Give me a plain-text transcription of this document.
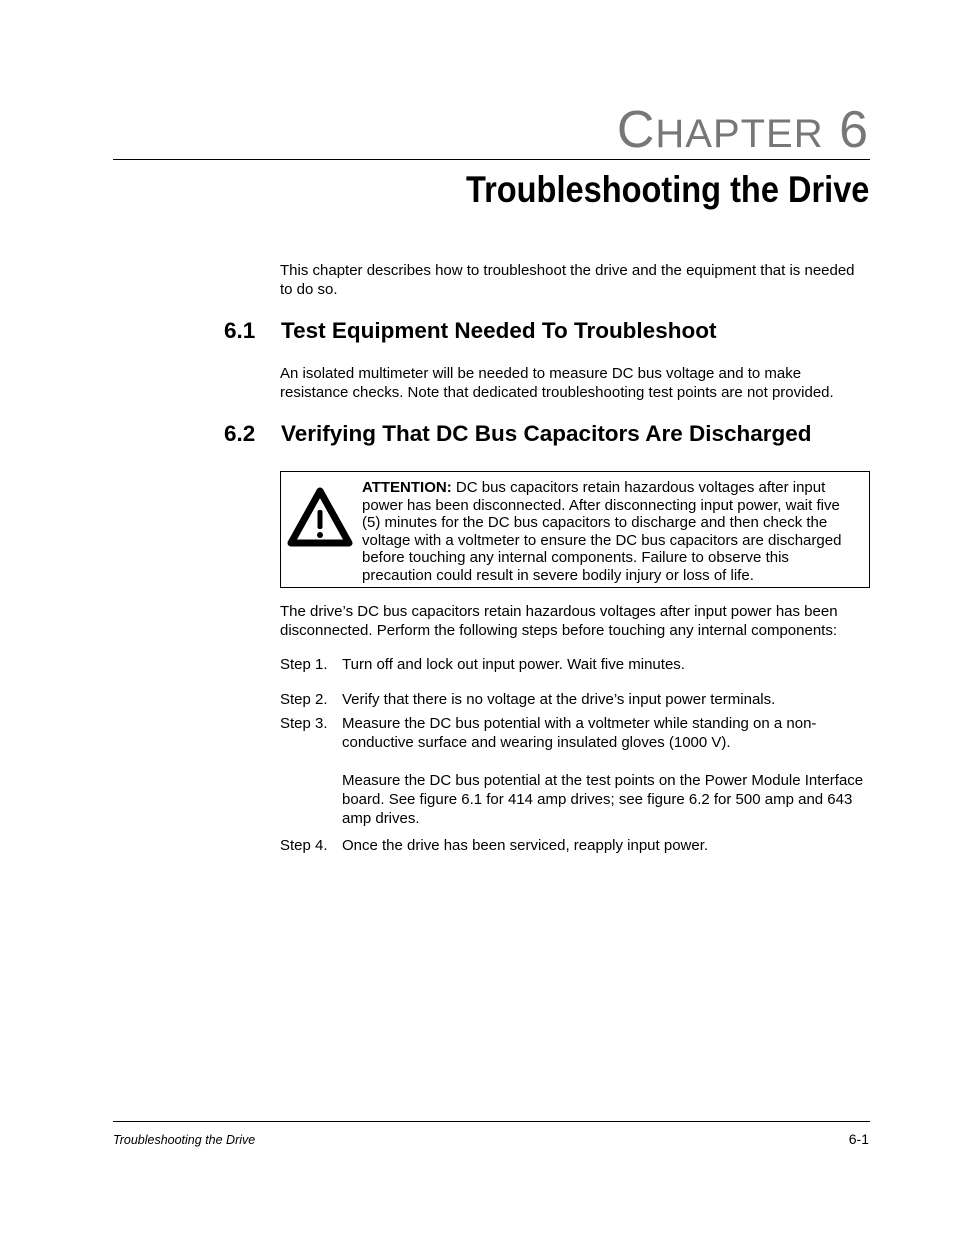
CHAPTER 6
Troubleshooting the Drive

This chapter describes how to troubleshoot the drive and the equipment that is needed to do so.

6.1 Test Equipment Needed To Troubleshoot

An isolated multimeter will be needed to measure DC bus voltage and to make resistance checks. Note that dedicated troubleshooting test points are not provided.

6.2 Verifying That DC Bus Capacitors Are Discharged

ATTENTION: DC bus capacitors retain hazardous voltages after input power has been disconnected. After disconnecting input power, wait five (5) minutes for the DC bus capacitors to discharge and then check the voltage with a voltmeter to ensure the DC bus capacitors are discharged before touching any internal components. Failure to observe this precaution could result in severe bodily injury or loss of life.

The drive’s DC bus capacitors retain hazardous voltages after input power has been disconnected. Perform the following steps before touching any internal components:

Step 1. Turn off and lock out input power. Wait five minutes.
Step 2. Verify that there is no voltage at the drive’s input power terminals.
Step 3. Measure the DC bus potential with a voltmeter while standing on a non-conductive surface and wearing insulated gloves (1000 V).
Measure the DC bus potential at the test points on the Power Module Interface board. See figure 6.1 for 414 amp drives; see figure 6.2 for 500 amp and 643 amp drives.
Step 4. Once the drive has been serviced, reapply input power.
Troubleshooting the Drive	6-1
